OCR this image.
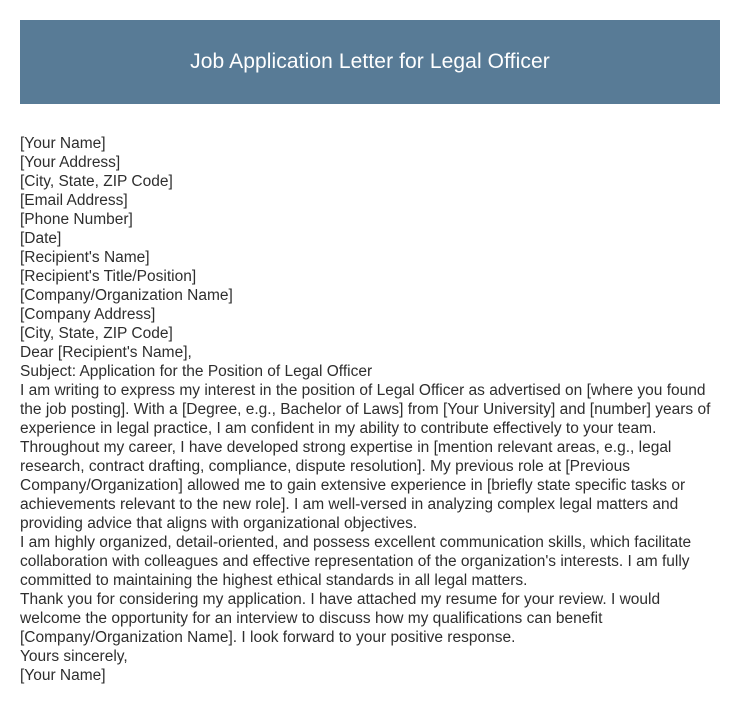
Job Application Letter for Legal Officer
[Your Name]
[Your Address]
[City, State, ZIP Code]
[Email Address]
[Phone Number]
[Date]
[Recipient's Name]
[Recipient's Title/Position]
[Company/Organization Name]
[Company Address]
[City, State, ZIP Code]
Dear [Recipient's Name],
Subject: Application for the Position of Legal Officer
I am writing to express my interest in the position of Legal Officer as advertised on [where you found the job posting]. With a [Degree, e.g., Bachelor of Laws] from [Your University] and [number] years of experience in legal practice, I am confident in my ability to contribute effectively to your team.
Throughout my career, I have developed strong expertise in [mention relevant areas, e.g., legal research, contract drafting, compliance, dispute resolution]. My previous role at [Previous Company/Organization] allowed me to gain extensive experience in [briefly state specific tasks or achievements relevant to the new role]. I am well-versed in analyzing complex legal matters and providing advice that aligns with organizational objectives.
I am highly organized, detail-oriented, and possess excellent communication skills, which facilitate collaboration with colleagues and effective representation of the organization's interests. I am fully committed to maintaining the highest ethical standards in all legal matters.
Thank you for considering my application. I have attached my resume for your review. I would welcome the opportunity for an interview to discuss how my qualifications can benefit [Company/Organization Name]. I look forward to your positive response.
Yours sincerely,
[Your Name]
